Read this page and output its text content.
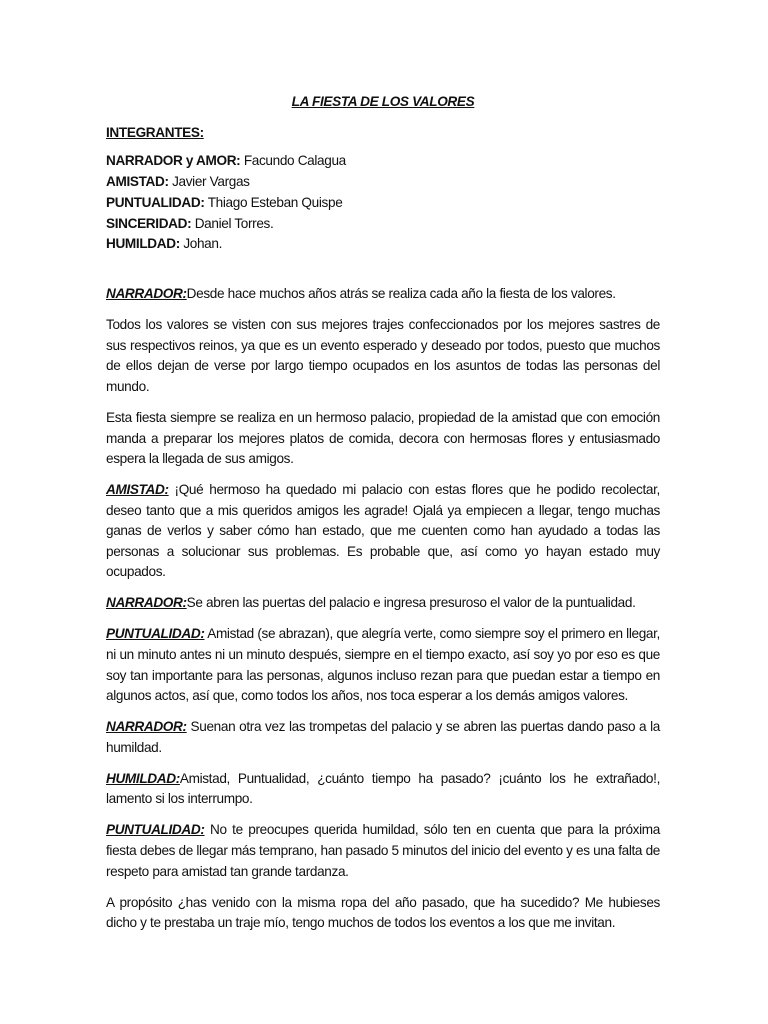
LA FIESTA DE LOS VALORES
INTEGRANTES:
NARRADOR y AMOR: Facundo Calagua
AMISTAD: Javier Vargas
PUNTUALIDAD: Thiago Esteban Quispe
SINCERIDAD: Daniel Torres.
HUMILDAD: Johan.

NARRADOR:Desde hace muchos años atrás se realiza cada año la fiesta de los valores.

Todos los valores se visten con sus mejores trajes confeccionados por los mejores sastres de sus respectivos reinos, ya que es un evento esperado y deseado por todos, puesto que muchos de ellos dejan de verse por largo tiempo ocupados en los asuntos de todas las personas del mundo.

Esta fiesta siempre se realiza en un hermoso palacio, propiedad de la amistad que con emoción manda a preparar los mejores platos de comida, decora con hermosas flores y entusiasmado espera la llegada de sus amigos.

AMISTAD: ¡Qué hermoso ha quedado mi palacio con estas flores que he podido recolectar, deseo tanto que a mis queridos amigos les agrade! Ojalá ya empiecen a llegar, tengo muchas ganas de verlos y saber cómo han estado, que me cuenten como han ayudado a todas las personas a solucionar sus problemas. Es probable que, así como yo hayan estado muy ocupados.

NARRADOR:Se abren las puertas del palacio e ingresa presuroso el valor de la puntualidad.

PUNTUALIDAD: Amistad (se abrazan), que alegría verte, como siempre soy el primero en llegar, ni un minuto antes ni un minuto después, siempre en el tiempo exacto, así soy yo por eso es que soy tan importante para las personas, algunos incluso rezan para que puedan estar a tiempo en algunos actos, así que, como todos los años, nos toca esperar a los demás amigos valores.

NARRADOR: Suenan otra vez las trompetas del palacio y se abren las puertas dando paso a la humildad.

HUMILDAD:Amistad, Puntualidad, ¿cuánto tiempo ha pasado? ¡cuánto los he extrañado!, lamento si los interrumpo.

PUNTUALIDAD: No te preocupes querida humildad, sólo ten en cuenta que para la próxima fiesta debes de llegar más temprano, han pasado 5 minutos del inicio del evento y es una falta de respeto para amistad tan grande tardanza.

A propósito ¿has venido con la misma ropa del año pasado, que ha sucedido? Me hubieses dicho y te prestaba un traje mío, tengo muchos de todos los eventos a los que me invitan.
